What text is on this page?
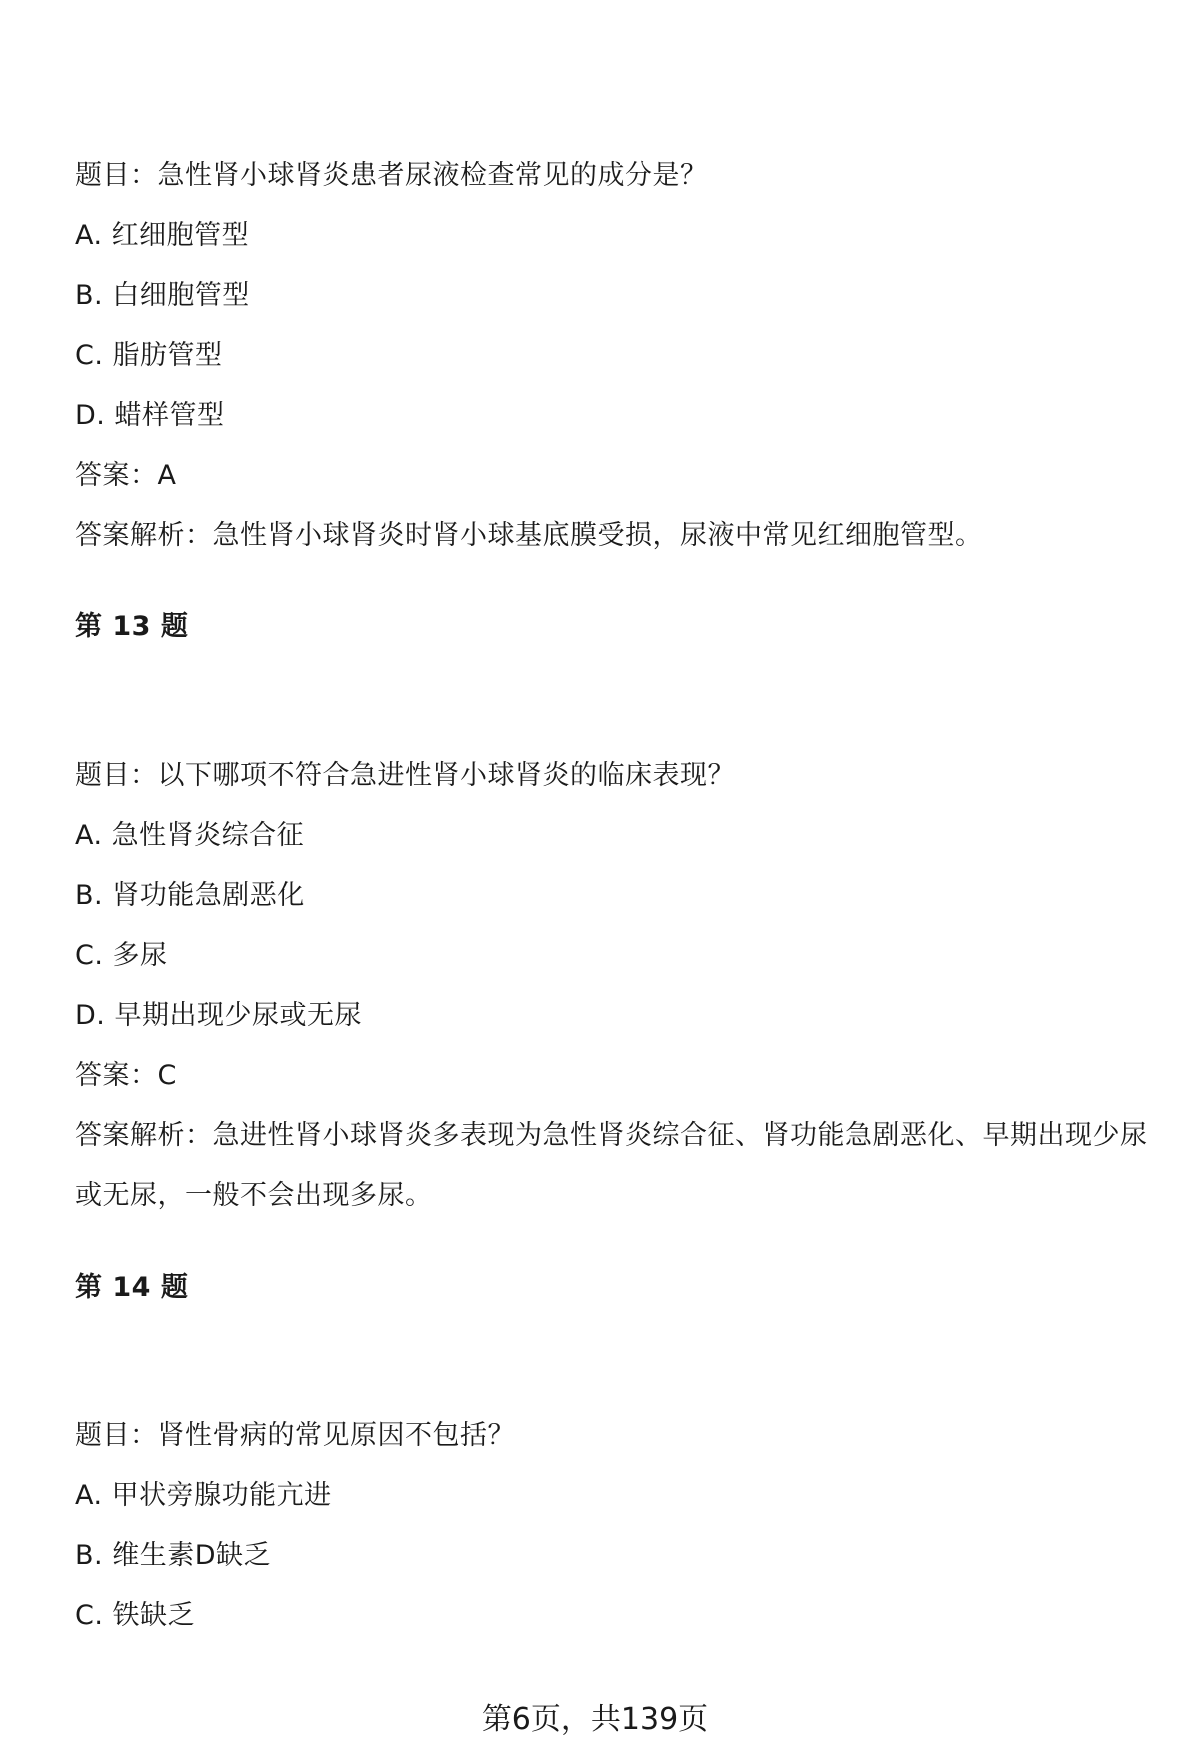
题目：急性肾小球肾炎患者尿液检查常见的成分是？
A. 红细胞管型
B. 白细胞管型
C. 脂肪管型
D. 蜡样管型
答案：A
答案解析：急性肾小球肾炎时肾小球基底膜受损，尿液中常见红细胞管型。
第 13 题
题目：以下哪项不符合急进性肾小球肾炎的临床表现？
A. 急性肾炎综合征
B. 肾功能急剧恶化
C. 多尿
D. 早期出现少尿或无尿
答案：C
答案解析：急进性肾小球肾炎多表现为急性肾炎综合征、肾功能急剧恶化、早期出现少尿或无尿，一般不会出现多尿。
第 14 题
题目：肾性骨病的常见原因不包括？
A. 甲状旁腺功能亢进
B. 维生素D缺乏
C. 铁缺乏
第6页，共139页
